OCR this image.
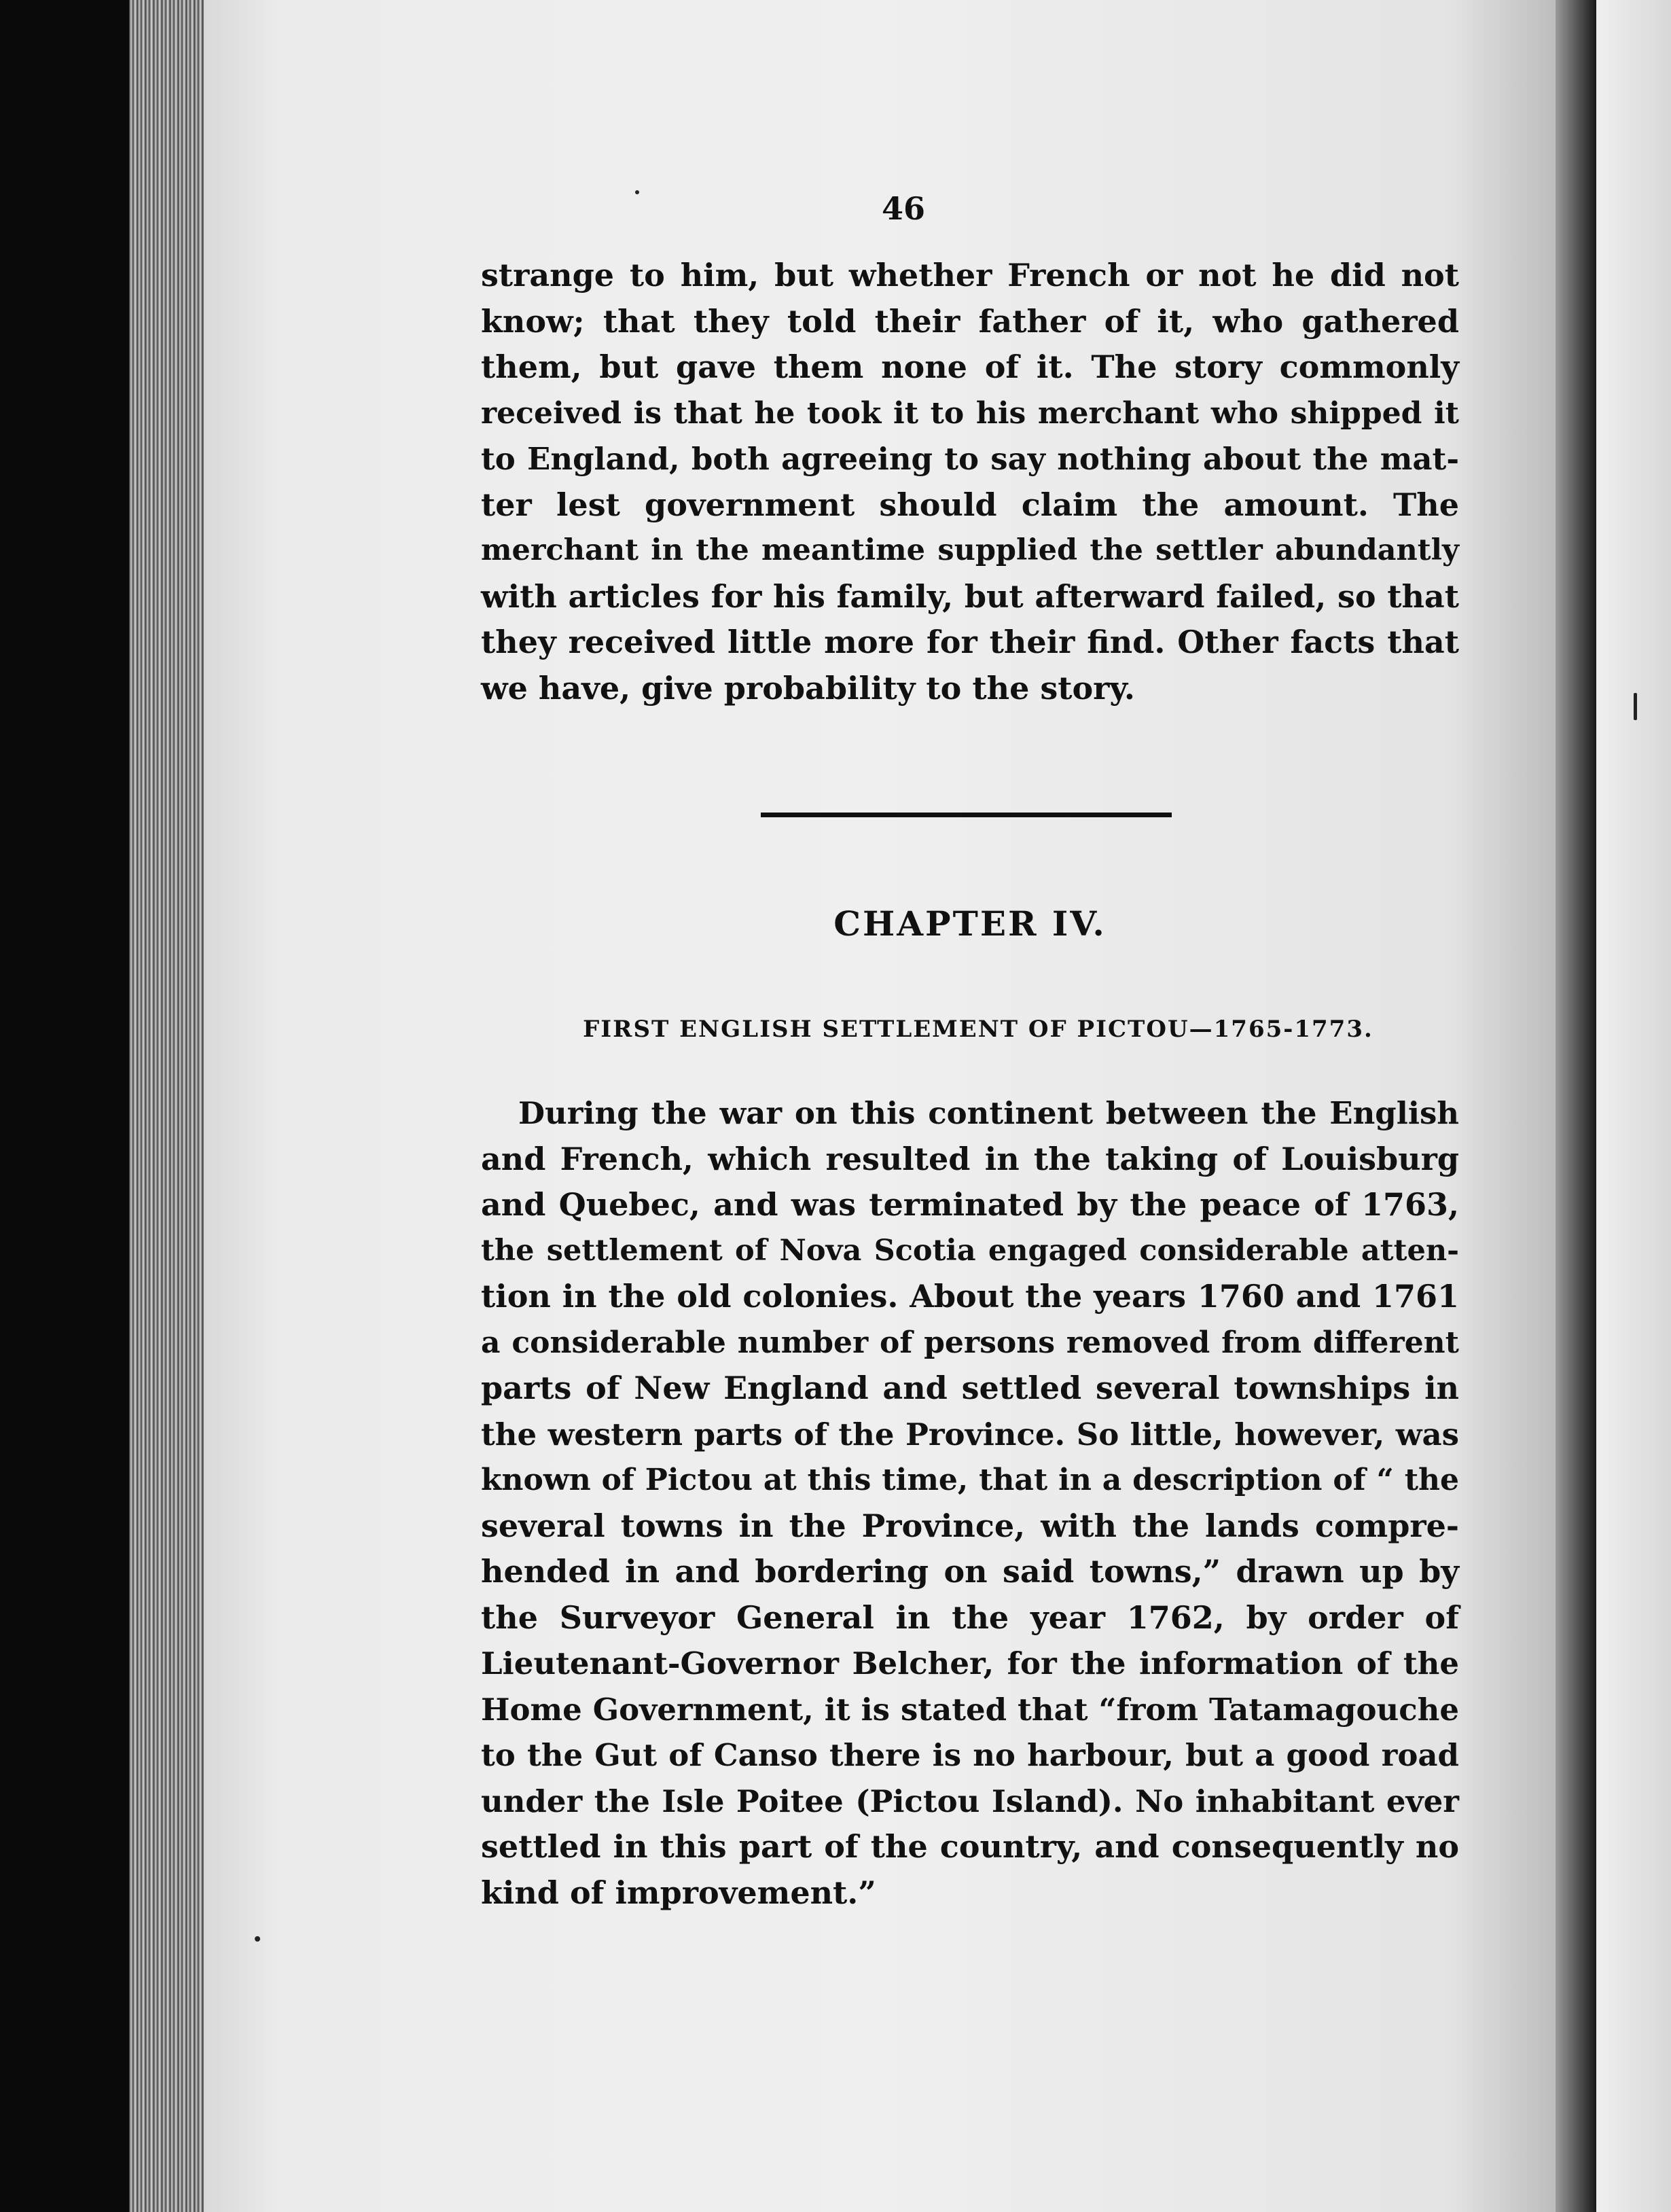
46

strange to him, but whether French or not he did not
know; that they told their father of it, who gathered
them, but gave them none of it. The story commonly
received is that he took it to his merchant who shipped it
to England, both agreeing to say nothing about the mat-
ter lest government should claim the amount. The
merchant in the meantime supplied the settler abundantly
with articles for his family, but afterward failed, so that
they received little more for their find. Other facts that
we have, give probability to the story.

CHAPTER IV.
FIRST ENGLISH SETTLEMENT OF PICTOU—1765-1773.

During the war on this continent between the English
and French, which resulted in the taking of Louisburg
and Quebec, and was terminated by the peace of 1763,
the settlement of Nova Scotia engaged considerable atten-
tion in the old colonies. About the years 1760 and 1761
a considerable number of persons removed from different
parts of New England and settled several townships in
the western parts of the Province. So little, however, was
known of Pictou at this time, that in a description of “ the
several towns in the Province, with the lands compre-
hended in and bordering on said towns,” drawn up by
the Surveyor General in the year 1762, by order of
Lieutenant-Governor Belcher, for the information of the
Home Government, it is stated that “from Tatamagouche
to the Gut of Canso there is no harbour, but a good road
under the Isle Poitee (Pictou Island). No inhabitant ever
settled in this part of the country, and consequently no
kind of improvement.”
